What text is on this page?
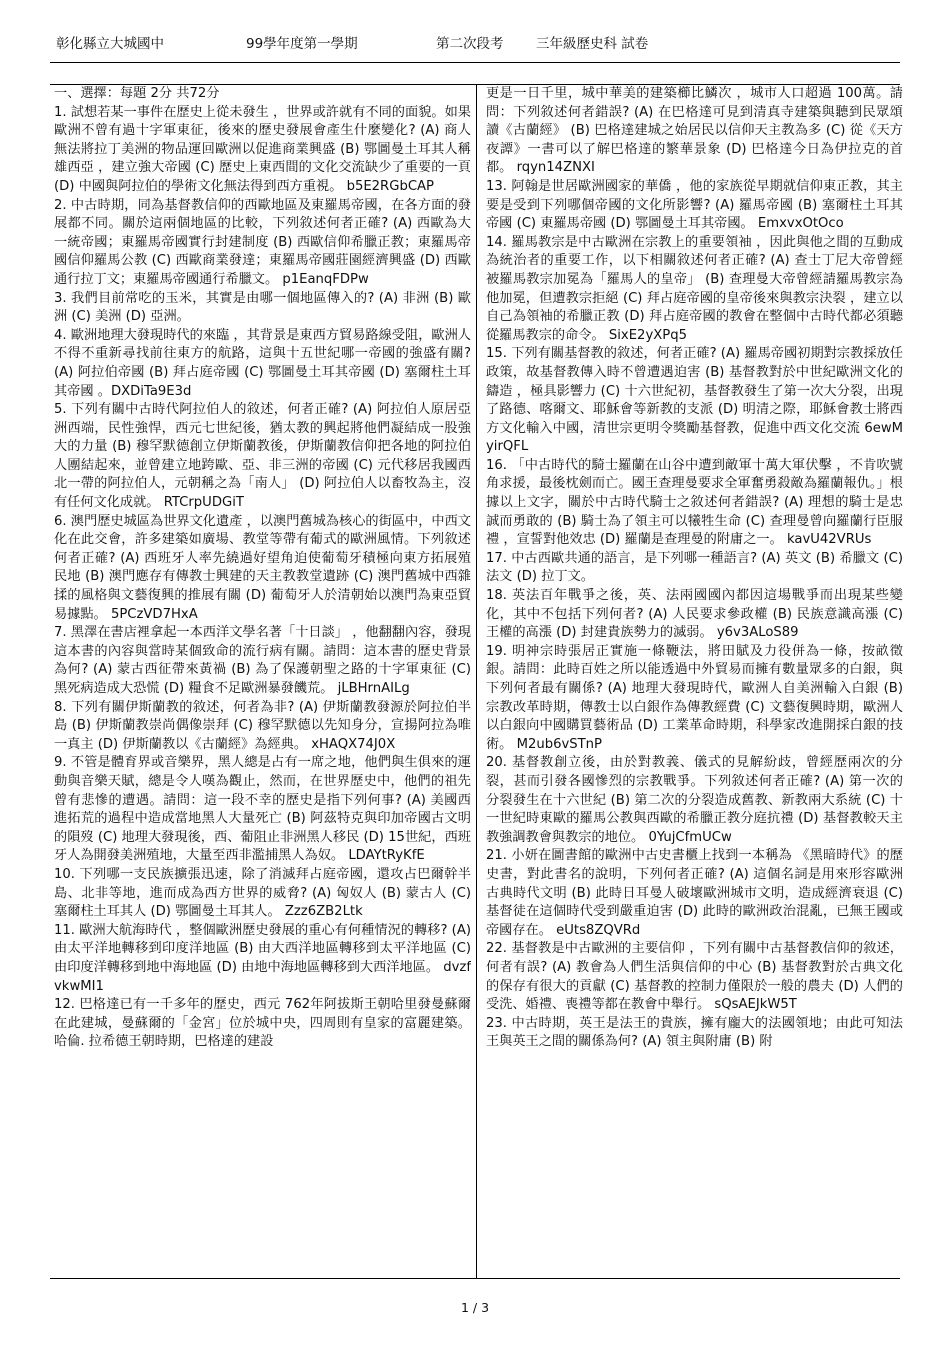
彰化縣立大城國中	99學年度第一學期	第二次段考 三年級歷史科 試卷
一、選擇：每題 2分 共72分
1. 試想若某一事件在歷史上從未發生 ，世界或許就有不同的面貌。如果歐洲不曾有過十字軍東征，後來的歷史發展會產生什麼變化? (A) 商人無法將拉丁美洲的物品運回歐洲以促進商業興盛 (B) 鄂圖曼土耳其人稱雄西亞 ，建立強大帝國 (C) 歷史上東西間的文化交流缺少了重要的一頁 (D) 中國與阿拉伯的學術文化無法得到西方重視。 b5E2RGbCAP
2. 中古時期，同為基督教信仰的西歐地區及東羅馬帝國，在各方面的發展都不同。關於這兩個地區的比較，下列敘述何者正確? (A) 西歐為大一統帝國；東羅馬帝國實行封建制度 (B) 西歐信仰希臘正教；東羅馬帝國信仰羅馬公教 (C) 西歐商業發達；東羅馬帝國莊園經濟興盛 (D) 西歐通行拉丁文；東羅馬帝國通行希臘文。 p1EanqFDPw
3. 我們目前常吃的玉米，其實是由哪一個地區傳入的? (A) 非洲 (B) 歐洲 (C) 美洲 (D) 亞洲。
4. 歐洲地理大發現時代的來臨 ，其背景是東西方貿易路線受阻，歐洲人不得不重新尋找前往東方的航路，這與十五世紀哪一帝國的強盛有關? (A) 阿拉伯帝國 (B) 拜占庭帝國 (C) 鄂圖曼土耳其帝國 (D) 塞爾柱土耳其帝國 。DXDiTa9E3d
5. 下列有關中古時代阿拉伯人的敘述，何者正確? (A) 阿拉伯人原居亞洲西端，民性強悍，西元七世紀後，猶太教的興起將他們凝結成一股強大的力量 (B) 穆罕默德創立伊斯蘭教後，伊斯蘭教信仰把各地的阿拉伯人團結起來，並曾建立地跨歐、亞、非三洲的帝國 (C) 元代移居我國西北一帶的阿拉伯人，元朝稱之為「南人」 (D) 阿拉伯人以畜牧為主，沒有任何文化成就。 RTCrpUDGiT
6. 澳門歷史城區為世界文化遺產 ，以澳門舊城為核心的街區中，中西文化在此交會，許多建築如廣場、教堂等帶有葡式的歐洲風情。下列敘述何者正確? (A) 西班牙人率先繞過好望角迫使葡萄牙積極向東方拓展殖民地 (B) 澳門應存有傳教士興建的天主教教堂遺跡 (C) 澳門舊城中西雜揉的風格與文藝復興的推展有關 (D) 葡萄牙人於清朝始以澳門為東亞貿易據點。 5PCzVD7HxA
7. 黑澤在書店裡拿起一本西洋文學名著「十日談」 ，他翻翻內容，發現這本書的內容與當時某個致命的流行病有關。請問：這本書的歷史背景為何? (A) 蒙古西征帶來黃禍 (B) 為了保護朝聖之路的十字軍東征 (C) 黑死病造成大恐慌 (D) 糧食不足歐洲暴發饑荒。 jLBHrnAILg
8. 下列有關伊斯蘭教的敘述，何者為非? (A) 伊斯蘭教發源於阿拉伯半島 (B) 伊斯蘭教崇尚偶像崇拜 (C) 穆罕默德以先知身分，宣揚阿拉為唯一真主 (D) 伊斯蘭教以《古蘭經》為經典。 xHAQX74J0X
9. 不管是體育界或音樂界，黑人總是占有一席之地，他們與生俱來的運動與音樂天賦，總是令人嘆為觀止，然而，在世界歷史中，他們的祖先曾有悲慘的遭遇。請問：這一段不幸的歷史是指下列何事? (A) 美國西進拓荒的過程中造成當地黑人大量死亡 (B) 阿茲特克與印加帝國古文明的隕歿 (C) 地理大發現後，西、葡阻止非洲黑人移民 (D) 15世紀，西班牙人為開發美洲殖地，大量至西非濫捕黑人為奴。 LDAYtRyKfE
10. 下列哪一支民族擴張迅速，除了消滅拜占庭帝國，還攻占巴爾幹半島、北非等地，進而成為西方世界的威脅? (A) 匈奴人 (B) 蒙古人 (C) 塞爾柱土耳其人 (D) 鄂圖曼土耳其人。 Zzz6ZB2Ltk
11. 歐洲大航海時代 ，整個歐洲歷史發展的重心有何種情況的轉移? (A) 由太平洋地轉移到印度洋地區 (B) 由大西洋地區轉移到太平洋地區 (C) 由印度洋轉移到地中海地區 (D) 由地中海地區轉移到大西洋地區。 dvzfvkwMI1
12. 巴格達已有一千多年的歷史，西元 762年阿拔斯王朝哈里發曼蘇爾在此建城，曼蘇爾的「金宮」位於城中央，四周則有皇家的富麗建築。哈倫. 拉希德王朝時期，巴格達的建設
更是一日千里，城中華美的建築櫛比鱗次 ，城市人口超過 100萬。請問：下列敘述何者錯誤? (A) 在巴格達可見到清真寺建築與聽到民眾頌讀《古蘭經》 (B) 巴格達建城之始居民以信仰天主教為多 (C) 從《天方夜譚》一書可以了解巴格達的繁華景象 (D) 巴格達今日為伊拉克的首都。 rqyn14ZNXI
13. 阿翰是世居歐洲國家的華僑 ，他的家族從早期就信仰東正教，其主要是受到下列哪個帝國的文化所影響? (A) 羅馬帝國 (B) 塞爾柱土耳其帝國 (C) 東羅馬帝國 (D) 鄂圖曼土耳其帝國。 EmxvxOtOco
14. 羅馬教宗是中古歐洲在宗教上的重要領袖 ，因此與他之間的互動成為統治者的重要工作，以下相關敘述何者正確? (A) 查士丁尼大帝曾經被羅馬教宗加冕為「羅馬人的皇帝」 (B) 查理曼大帝曾經請羅馬教宗為他加冕，但遭教宗拒絕 (C) 拜占庭帝國的皇帝後來與教宗決裂 ，建立以自己為領袖的希臘正教 (D) 拜占庭帝國的教會在整個中古時代都必須聽從羅馬教宗的命令。 SixE2yXPq5
15. 下列有關基督教的敘述，何者正確? (A) 羅馬帝國初期對宗教採放任政策，故基督教傳入時不曾遭遇迫害 (B) 基督教對於中世紀歐洲文化的鑄造 ，極具影響力 (C) 十六世紀初，基督教發生了第一次大分裂，出現了路德、喀爾文、耶穌會等新教的支派 (D) 明清之際，耶穌會教士將西方文化輸入中國，清世宗更明令獎勵基督教，促進中西文化交流 6ewMyirQFL
16. 「中古時代的騎士羅蘭在山谷中遭到敵軍十萬大軍伏擊 ，不肯吹號角求援，最後枕劍而亡。國王查理曼要求全軍奮勇殺敵為羅蘭報仇。」根據以上文字，關於中古時代騎士之敘述何者錯誤? (A) 理想的騎士是忠誠而勇敢的 (B) 騎士為了領主可以犧牲生命 (C) 查理曼曾向羅蘭行臣服禮 ，宣誓對他效忠 (D) 羅蘭是查理曼的附庸之一。 kavU42VRUs
17. 中古西歐共通的語言，是下列哪一種語言? (A) 英文 (B) 希臘文 (C) 法文 (D) 拉丁文。
18. 英法百年戰爭之後，英、法兩國國內都因這場戰爭而出現某些變化，其中不包括下列何者? (A) 人民要求參政權 (B) 民族意識高漲 (C) 王權的高漲 (D) 封建貴族勢力的滅弱。 y6v3ALoS89
19. 明神宗時張居正實施一條鞭法，將田賦及力役併為一條，按畝徵銀。請問：此時百姓之所以能透過中外貿易而擁有數量眾多的白銀，與下列何者最有關係? (A) 地理大發現時代，歐洲人自美洲輸入白銀 (B) 宗教改革時期，傳教士以白銀作為傳教經費 (C) 文藝復興時期，歐洲人以白銀向中國購買藝術品 (D) 工業革命時期，科學家改進開採白銀的技術。 M2ub6vSTnP
20. 基督教創立後，由於對教義、儀式的見解紛歧，曾經歷兩次的分裂，甚而引發各國慘烈的宗教戰爭。下列敘述何者正確? (A) 第一次的分裂發生在十六世紀 (B) 第二次的分裂造成舊教、新教兩大系統 (C) 十一世紀時東歐的羅馬公教與西歐的希臘正教分庭抗禮 (D) 基督教較天主教強調教會與教宗的地位。 0YujCfmUCw
21. 小妍在圖書館的歐洲中古史書櫃上找到一本稱為 《黑暗時代》的歷史書，對此書名的說明，下列何者正確? (A) 這個名詞是用來形容歐洲古典時代文明 (B) 此時日耳曼人破壞歐洲城市文明，造成經濟衰退 (C) 基督徒在這個時代受到嚴重迫害 (D) 此時的歐洲政治混亂，已無王國或帝國存在。 eUts8ZQVRd
22. 基督教是中古歐洲的主要信仰 ，下列有關中古基督教信仰的敘述，何者有誤? (A) 教會為人們生活與信仰的中心 (B) 基督教對於古典文化的保存有很大的貢獻 (C) 基督教的控制力僅限於一般的農夫 (D) 人們的受洗、婚禮、喪禮等都在教會中舉行。 sQsAEJkW5T
23. 中古時期，英王是法王的貴族，擁有龐大的法國領地；由此可知法王與英王之間的關係為何? (A) 領主與附庸 (B) 附
1 / 3
